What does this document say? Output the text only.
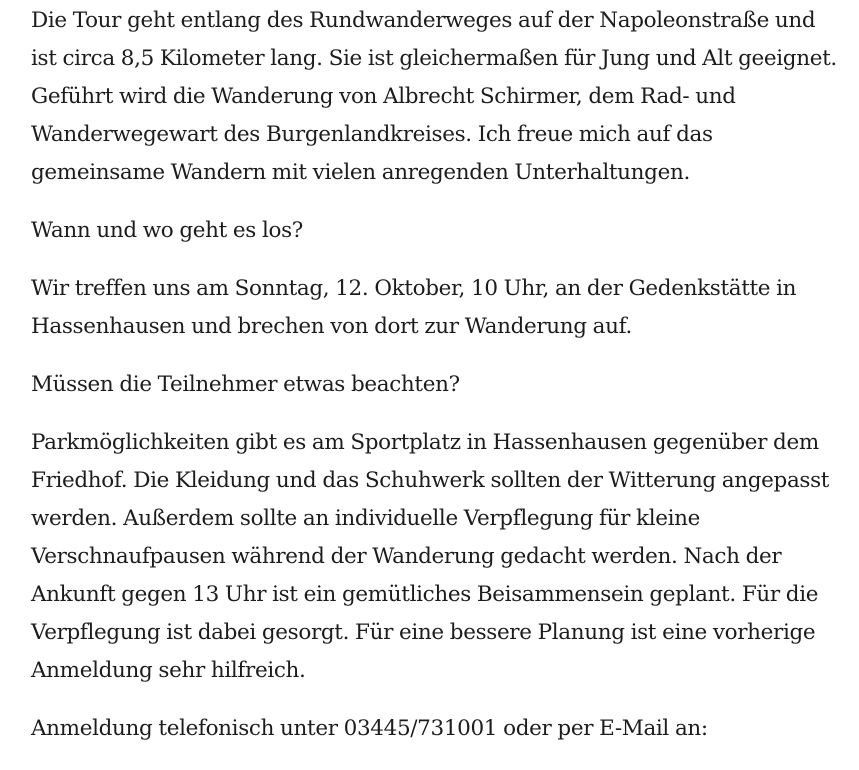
Die Tour geht entlang des Rundwanderweges auf der Napoleonstraße und ist circa 8,5 Kilometer lang. Sie ist gleichermaßen für Jung und Alt geeignet. Geführt wird die Wanderung von Albrecht Schirmer, dem Rad- und Wanderwegewart des Burgenlandkreises. Ich freue mich auf das gemeinsame Wandern mit vielen anregenden Unterhaltungen.

Wann und wo geht es los?

Wir treffen uns am Sonntag, 12. Oktober, 10 Uhr, an der Gedenkstätte in Hassenhausen und brechen von dort zur Wanderung auf.

Müssen die Teilnehmer etwas beachten?

Parkmöglichkeiten gibt es am Sportplatz in Hassenhausen gegenüber dem Friedhof. Die Kleidung und das Schuhwerk sollten der Witterung angepasst werden. Außerdem sollte an individuelle Verpflegung für kleine Verschnaufpausen während der Wanderung gedacht werden. Nach der Ankunft gegen 13 Uhr ist ein gemütliches Beisammensein geplant. Für die Verpflegung ist dabei gesorgt. Für eine bessere Planung ist eine vorherige Anmeldung sehr hilfreich.

Anmeldung telefonisch unter 03445/731001 oder per E-Mail an:
